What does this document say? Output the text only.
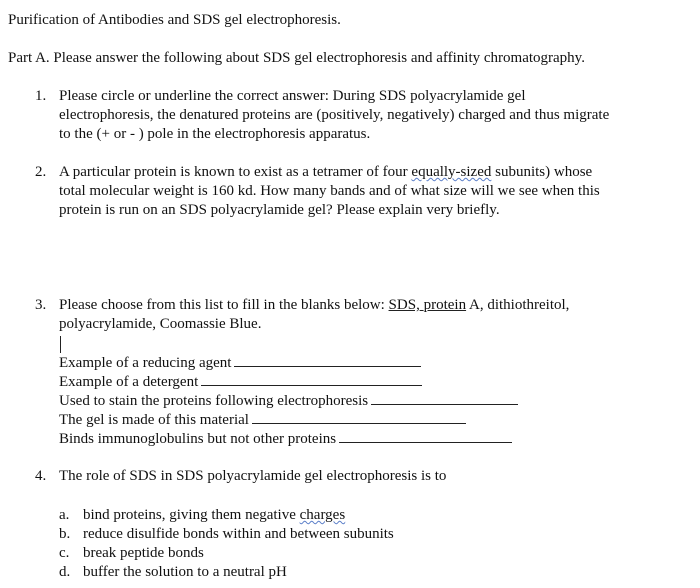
Purification of Antibodies and SDS gel electrophoresis.
Part A. Please answer the following about SDS gel electrophoresis and affinity chromatography.
1. Please circle or underline the correct answer: During SDS polyacrylamide gel
electrophoresis, the denatured proteins are (positively, negatively) charged and thus migrate
to the (+ or - ) pole in the electrophoresis apparatus.
2. A particular protein is known to exist as a tetramer of four equally-sized subunits) whose
total molecular weight is 160 kd. How many bands and of what size will we see when this
protein is run on an SDS polyacrylamide gel? Please explain very briefly.
3. Please choose from this list to fill in the blanks below: SDS, protein A, dithiothreitol,
polyacrylamide, Coomassie Blue.
Example of a reducing agent
Example of a detergent
Used to stain the proteins following electrophoresis
The gel is made of this material
Binds immunoglobulins but not other proteins
4. The role of SDS in SDS polyacrylamide gel electrophoresis is to
a. bind proteins, giving them negative charges
b. reduce disulfide bonds within and between subunits
c. break peptide bonds
d. buffer the solution to a neutral pH
